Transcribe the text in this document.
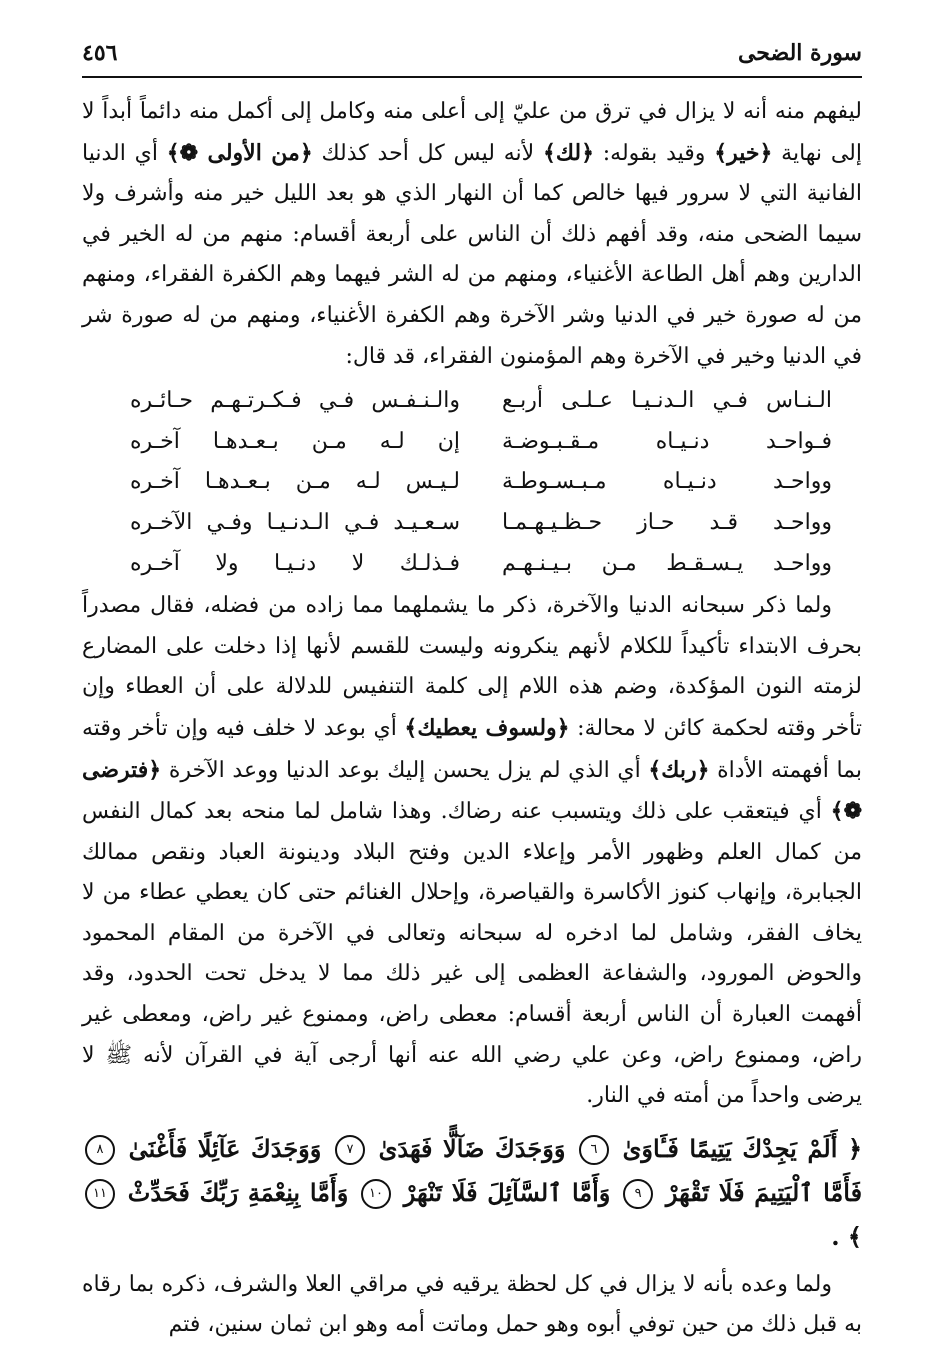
٤٥٦	سورة الضحى

ليفهم منه أنه لا يزال في ترق من عليّ إلى أعلى منه وكامل إلى أكمل منه دائماً أبداً لا إلى نهاية ﴿خير﴾ وقيد بقوله: ﴿لك﴾ لأنه ليس كل أحد كذلك ﴿من الأولى ❁﴾ أي الدنيا الفانية التي لا سرور فيها خالص كما أن النهار الذي هو بعد الليل خير منه وأشرف ولا سيما الضحى منه، وقد أفهم ذلك أن الناس على أربعة أقسام: منهم من له الخير في الدارين وهم أهل الطاعة الأغنياء، ومنهم من له الشر فيهما وهم الكفرة الفقراء، ومنهم من له صورة خير في الدنيا وشر الآخرة وهم الكفرة الأغنياء، ومنهم من له صورة شر في الدنيا وخير في الآخرة وهم المؤمنون الفقراء، قد قال:

الـنـاس فـي الـدنـيـا عـلـى أربـع
والـنـفـس فـي فـكـرتـهـم حـائـره
فـواحـد دنـيـاه مـقـبـوضـة
إن لـه مـن بـعـدهـا آخـره
وواحـد دنـيـاه مـبـسـوطـة
لـيـس لـه مـن بـعـدهـا آخـره
وواحـد قـد حـاز حـظـيـهـمـا
سـعـيـد فـي الـدنـيـا وفـي الآخـره
وواحـد يـسـقـط مـن بـيـنـهـم
فـذلـك لا دنـيـا ولا آخـره

ولما ذكر سبحانه الدنيا والآخرة، ذكر ما يشملهما مما زاده من فضله، فقال مصدراً بحرف الابتداء تأكيداً للكلام لأنهم ينكرونه وليست للقسم لأنها إذا دخلت على المضارع لزمته النون المؤكدة، وضم هذه اللام إلى كلمة التنفيس للدلالة على أن العطاء وإن تأخر وقته لحكمة كائن لا محالة: ﴿ولسوف يعطيك﴾ أي بوعد لا خلف فيه وإن تأخر وقته بما أفهمته الأداة ﴿ربك﴾ أي الذي لم يزل يحسن إليك بوعد الدنيا ووعد الآخرة ﴿فترضى ❁﴾ أي فيتعقب على ذلك ويتسبب عنه رضاك. وهذا شامل لما منحه بعد كمال النفس من كمال العلم وظهور الأمر وإعلاء الدين وفتح البلاد ودينونة العباد ونقص ممالك الجبابرة، وإنهاب كنوز الأكاسرة والقياصرة، وإحلال الغنائم حتى كان يعطي عطاء من لا يخاف الفقر، وشامل لما ادخره له سبحانه وتعالى في الآخرة من المقام المحمود والحوض المورود، والشفاعة العظمى إلى غير ذلك مما لا يدخل تحت الحدود، وقد أفهمت العبارة أن الناس أربعة أقسام: معطى راض، وممنوع غير راض، ومعطى غير راض، وممنوع راض، وعن علي رضي الله عنه أنها أرجى آية في القرآن لأنه ﷺ لا يرضى واحداً من أمته في النار.

﴿ أَلَمْ يَجِدْكَ يَتِيمًا فَـَٔاوَىٰ ٦ وَوَجَدَكَ ضَآلًّا فَهَدَىٰ ٧ وَوَجَدَكَ عَآئِلًا فَأَغْنَىٰ ٨ فَأَمَّا ٱلْيَتِيمَ فَلَا تَقْهَرْ ٩ وَأَمَّا ٱلسَّآئِلَ فَلَا تَنْهَرْ ١٠ وَأَمَّا بِنِعْمَةِ رَبِّكَ فَحَدِّثْ ١١ ﴾ .

ولما وعده بأنه لا يزال في كل لحظة يرقيه في مراقي العلا والشرف، ذكره بما رقاه به قبل ذلك من حين توفي أبوه وهو حمل وماتت أمه وهو ابن ثمان سنين، فتم
